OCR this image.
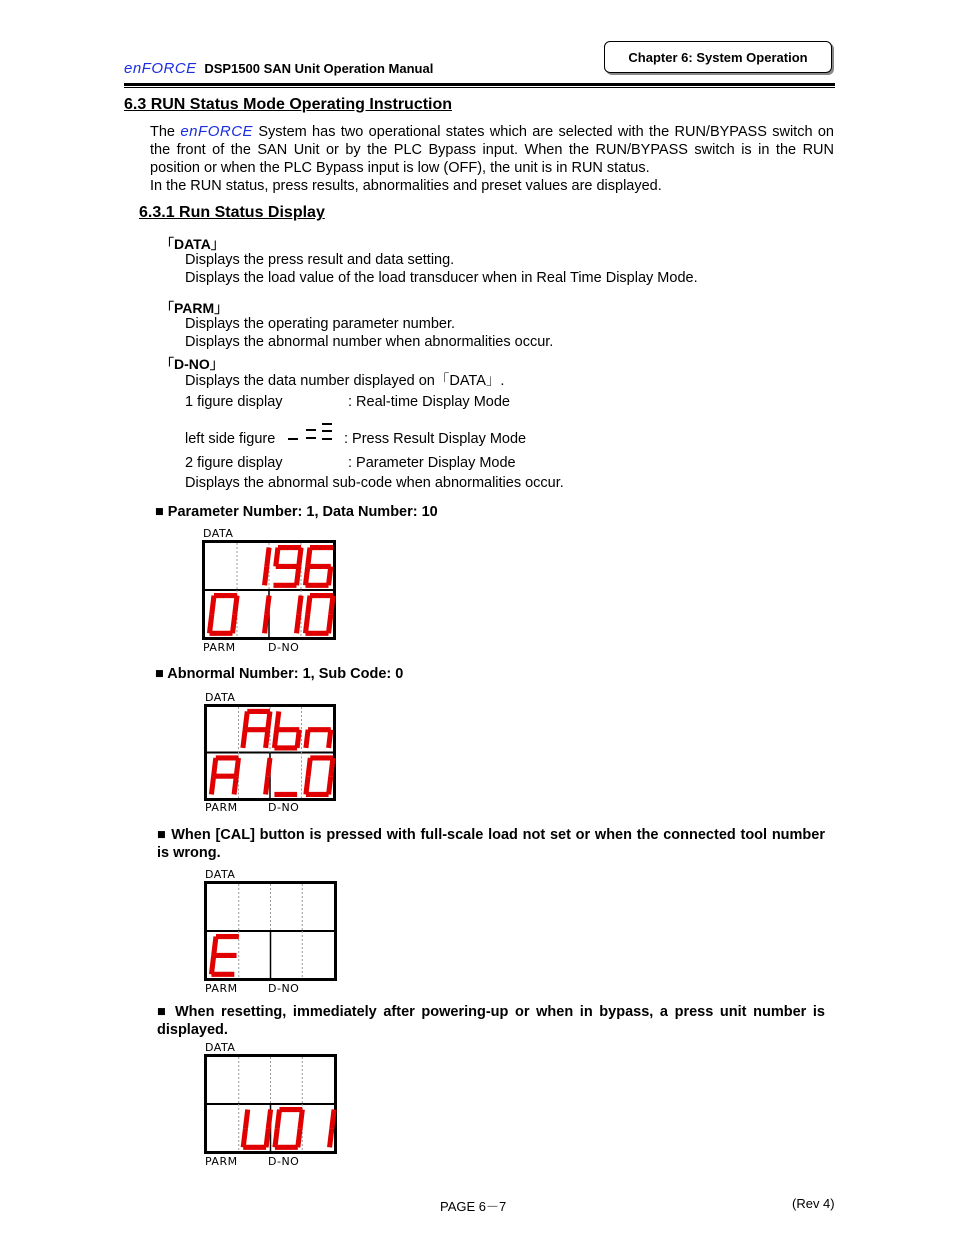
enFORCE DSP1500 SAN Unit Operation Manual
Chapter 6: System Operation
6.3 RUN Status Mode Operating Instruction
The enFORCE System has two operational states which are selected with the RUN/BYPASS switch on the front of the SAN Unit or by the PLC Bypass input. When the RUN/BYPASS switch is in the RUN position or when the PLC Bypass input is low (OFF), the unit is in RUN status.
In the RUN status, press results, abnormalities and preset values are displayed.
6.3.1 Run Status Display
「DATA」
Displays the press result and data setting.
Displays the load value of the load transducer when in Real Time Display Mode.
「PARM」
Displays the operating parameter number.
Displays the abnormal number when abnormalities occur.
「D-NO」
Displays the data number displayed on「DATA」.
1 figure display	: Real-time Display Mode
left side figure	: Press Result Display Mode
2 figure display	: Parameter Display Mode
Displays the abnormal sub-code when abnormalities occur.
■ Parameter Number: 1, Data Number: 10
DATA
PARM	D-NO
■ Abnormal Number: 1, Sub Code: 0
DATA
PARM	D-NO
■ When [CAL] button is pressed with full-scale load not set or when the connected tool number is wrong.
DATA
PARM	D-NO
■ When resetting, immediately after powering-up or when in bypass, a press unit number is displayed.
DATA
PARM	D-NO
PAGE 6－7	(Rev 4)
